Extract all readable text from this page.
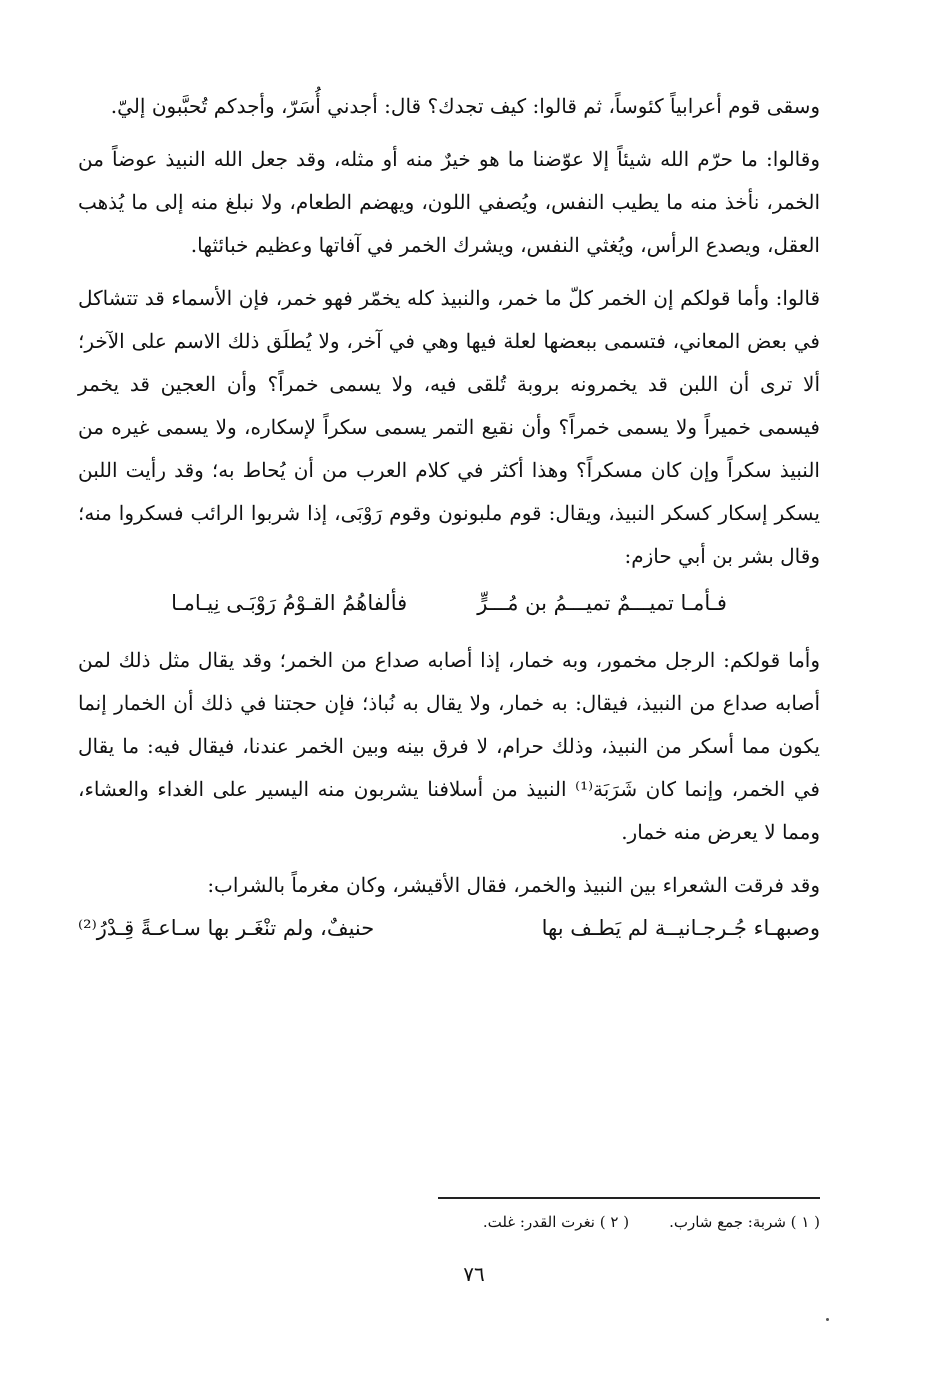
وسقى قوم أعرابياً كئوساً، ثم قالوا: كيف تجدك؟ قال: أجدني أُسَرّ، وأجدكم تُحبَّبون إليّ.

وقالوا: ما حرّم الله شيئاً إلا عوّضنا ما هو خيرٌ منه أو مثله، وقد جعل الله النبيذ عوضاً من الخمر، نأخذ منه ما يطيب النفس، ويُصفي اللون، ويهضم الطعام، ولا نبلغ منه إلى ما يُذهب العقل، ويصدع الرأس، ويُغثي النفس، ويشرك الخمر في آفاتها وعظيم خبائثها.

قالوا: وأما قولكم إن الخمر كلّ ما خمر، والنبيذ كله يخمّر فهو خمر، فإن الأسماء قد تتشاكل في بعض المعاني، فتسمى ببعضها لعلة فيها وهي في آخر، ولا يُطلَق ذلك الاسم على الآخر؛ ألا ترى أن اللبن قد يخمرونه بروبة تُلقى فيه، ولا يسمى خمراً؟ وأن العجين قد يخمر فيسمى خميراً ولا يسمى خمراً؟ وأن نقيع التمر يسمى سكراً لإسكاره، ولا يسمى غيره من النبيذ سكراً وإن كان مسكراً؟ وهذا أكثر في كلام العرب من أن يُحاط به؛ وقد رأيت اللبن يسكر إسكار كسكر النبيذ، ويقال: قوم ملبونون وقوم رَوْبَى، إذا شربوا الرائب فسكروا منه؛ وقال بشر بن أبي حازم:

فـأمـا تميـــمٌ تميـــمُ بن مُـــرٍّ
فألفاهُمُ القـوْمُ رَوْبَـى نِيـامـا

وأما قولكم: الرجل مخمور، وبه خمار، إذا أصابه صداع من الخمر؛ وقد يقال مثل ذلك لمن أصابه صداع من النبيذ، فيقال: به خمار، ولا يقال به نُباذ؛ فإن حجتنا في ذلك أن الخمار إنما يكون مما أسكر من النبيذ، وذلك حرام، لا فرق بينه وبين الخمر عندنا، فيقال فيه: ما يقال في الخمر، وإنما كان شَرَبَة⁽¹⁾ النبيذ من أسلافنا يشربون منه اليسير على الغداء والعشاء، ومما لا يعرض منه خمار.

وقد فرقت الشعراء بين النبيذ والخمر، فقال الأقيشر، وكان مغرماً بالشراب:

وصبهـاء جُـرجـانيــة لم يَطـف بها
حنيفٌ، ولم تنْغَـر بها سـاعـةً قِـدْرُ⁽²⁾
( ١ ) شربة: جمع شارب.
( ٢ ) نغرت القدر: غلت.
٧٦
